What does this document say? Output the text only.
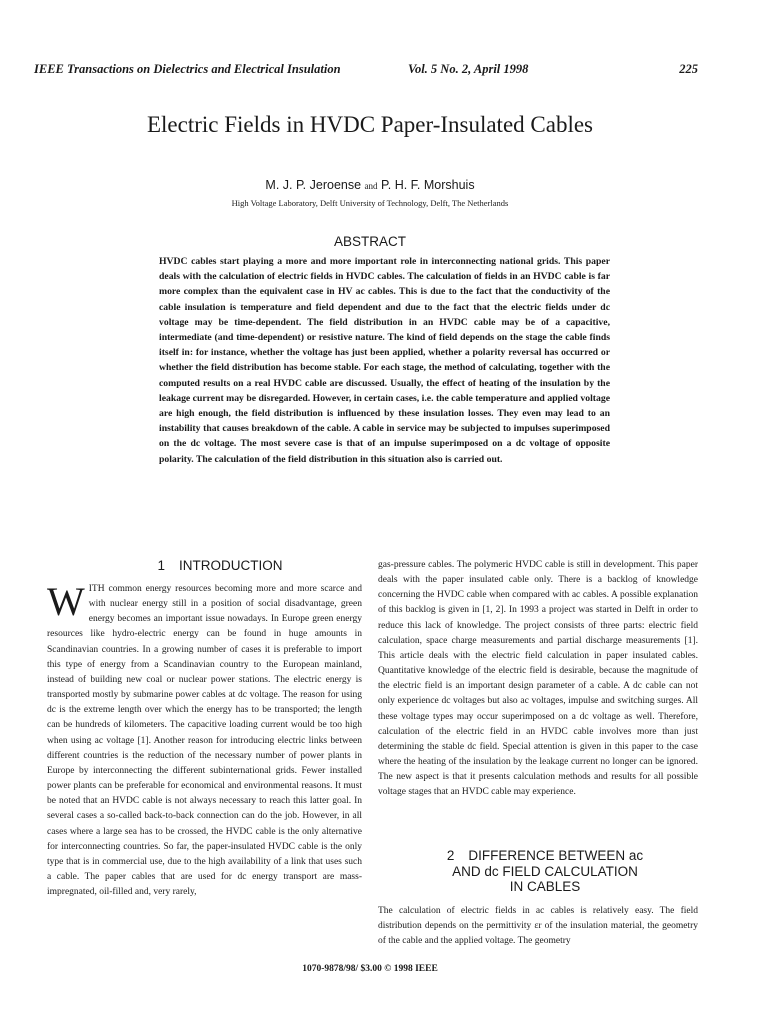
IEEE Transactions on Dielectrics and Electrical Insulation	Vol. 5 No. 2, April 1998	225
Electric Fields in HVDC Paper-Insulated Cables
M. J. P. Jeroense and P. H. F. Morshuis
High Voltage Laboratory, Delft University of Technology, Delft, The Netherlands
ABSTRACT
HVDC cables start playing a more and more important role in interconnecting national grids. This paper deals with the calculation of electric fields in HVDC cables. The calculation of fields in an HVDC cable is far more complex than the equivalent case in HV ac cables. This is due to the fact that the conductivity of the cable insulation is temperature and field dependent and due to the fact that the electric fields under dc voltage may be time-dependent. The field distribution in an HVDC cable may be of a capacitive, intermediate (and time-dependent) or resistive nature. The kind of field depends on the stage the cable finds itself in: for instance, whether the voltage has just been applied, whether a polarity reversal has occurred or whether the field distribution has become stable. For each stage, the method of calculating, together with the computed results on a real HVDC cable are discussed. Usually, the effect of heating of the insulation by the leakage current may be disregarded. However, in certain cases, i.e. the cable temperature and applied voltage are high enough, the field distribution is influenced by these insulation losses. They even may lead to an instability that causes breakdown of the cable. A cable in service may be subjected to impulses superimposed on the dc voltage. The most severe case is that of an impulse superimposed on a dc voltage of opposite polarity. The calculation of the field distribution in this situation also is carried out.
1 INTRODUCTION
WITH common energy resources becoming more and more scarce and with nuclear energy still in a position of social disadvantage, green energy becomes an important issue nowadays. In Europe green energy resources like hydro-electric energy can be found in huge amounts in Scandinavian countries. In a growing number of cases it is preferable to import this type of energy from a Scandinavian country to the European mainland, instead of building new coal or nuclear power stations. The electric energy is transported mostly by submarine power cables at dc voltage. The reason for using dc is the extreme length over which the energy has to be transported; the length can be hundreds of kilometers. The capacitive loading current would be too high when using ac voltage [1]. Another reason for introducing electric links between different countries is the reduction of the necessary number of power plants in Europe by interconnecting the different subinternational grids. Fewer installed power plants can be preferable for economical and environmental reasons. It must be noted that an HVDC cable is not always necessary to reach this latter goal. In several cases a so-called back-to-back connection can do the job. However, in all cases where a large sea has to be crossed, the HVDC cable is the only alternative for interconnecting countries. So far, the paper-insulated HVDC cable is the only type that is in commercial use, due to the high availability of a link that uses such a cable. The paper cables that are used for dc energy transport are mass-impregnated, oil-filled and, very rarely,
gas-pressure cables. The polymeric HVDC cable is still in development. This paper deals with the paper insulated cable only. There is a backlog of knowledge concerning the HVDC cable when compared with ac cables. A possible explanation of this backlog is given in [1, 2]. In 1993 a project was started in Delft in order to reduce this lack of knowledge. The project consists of three parts: electric field calculation, space charge measurements and partial discharge measurements [1]. This article deals with the electric field calculation in paper insulated cables. Quantitative knowledge of the electric field is desirable, because the magnitude of the electric field is an important design parameter of a cable. A dc cable can not only experience dc voltages but also ac voltages, impulse and switching surges. All these voltage types may occur superimposed on a dc voltage as well. Therefore, calculation of the electric field in an HVDC cable involves more than just determining the stable dc field. Special attention is given in this paper to the case where the heating of the insulation by the leakage current no longer can be ignored. The new aspect is that it presents calculation methods and results for all possible voltage stages that an HVDC cable may experience.
2 DIFFERENCE BETWEEN ac
AND dc FIELD CALCULATION
IN CABLES
The calculation of electric fields in ac cables is relatively easy. The field distribution depends on the permittivity εr of the insulation material, the geometry of the cable and the applied voltage. The geometry
1070-9878/98/ $3.00 © 1998 IEEE
